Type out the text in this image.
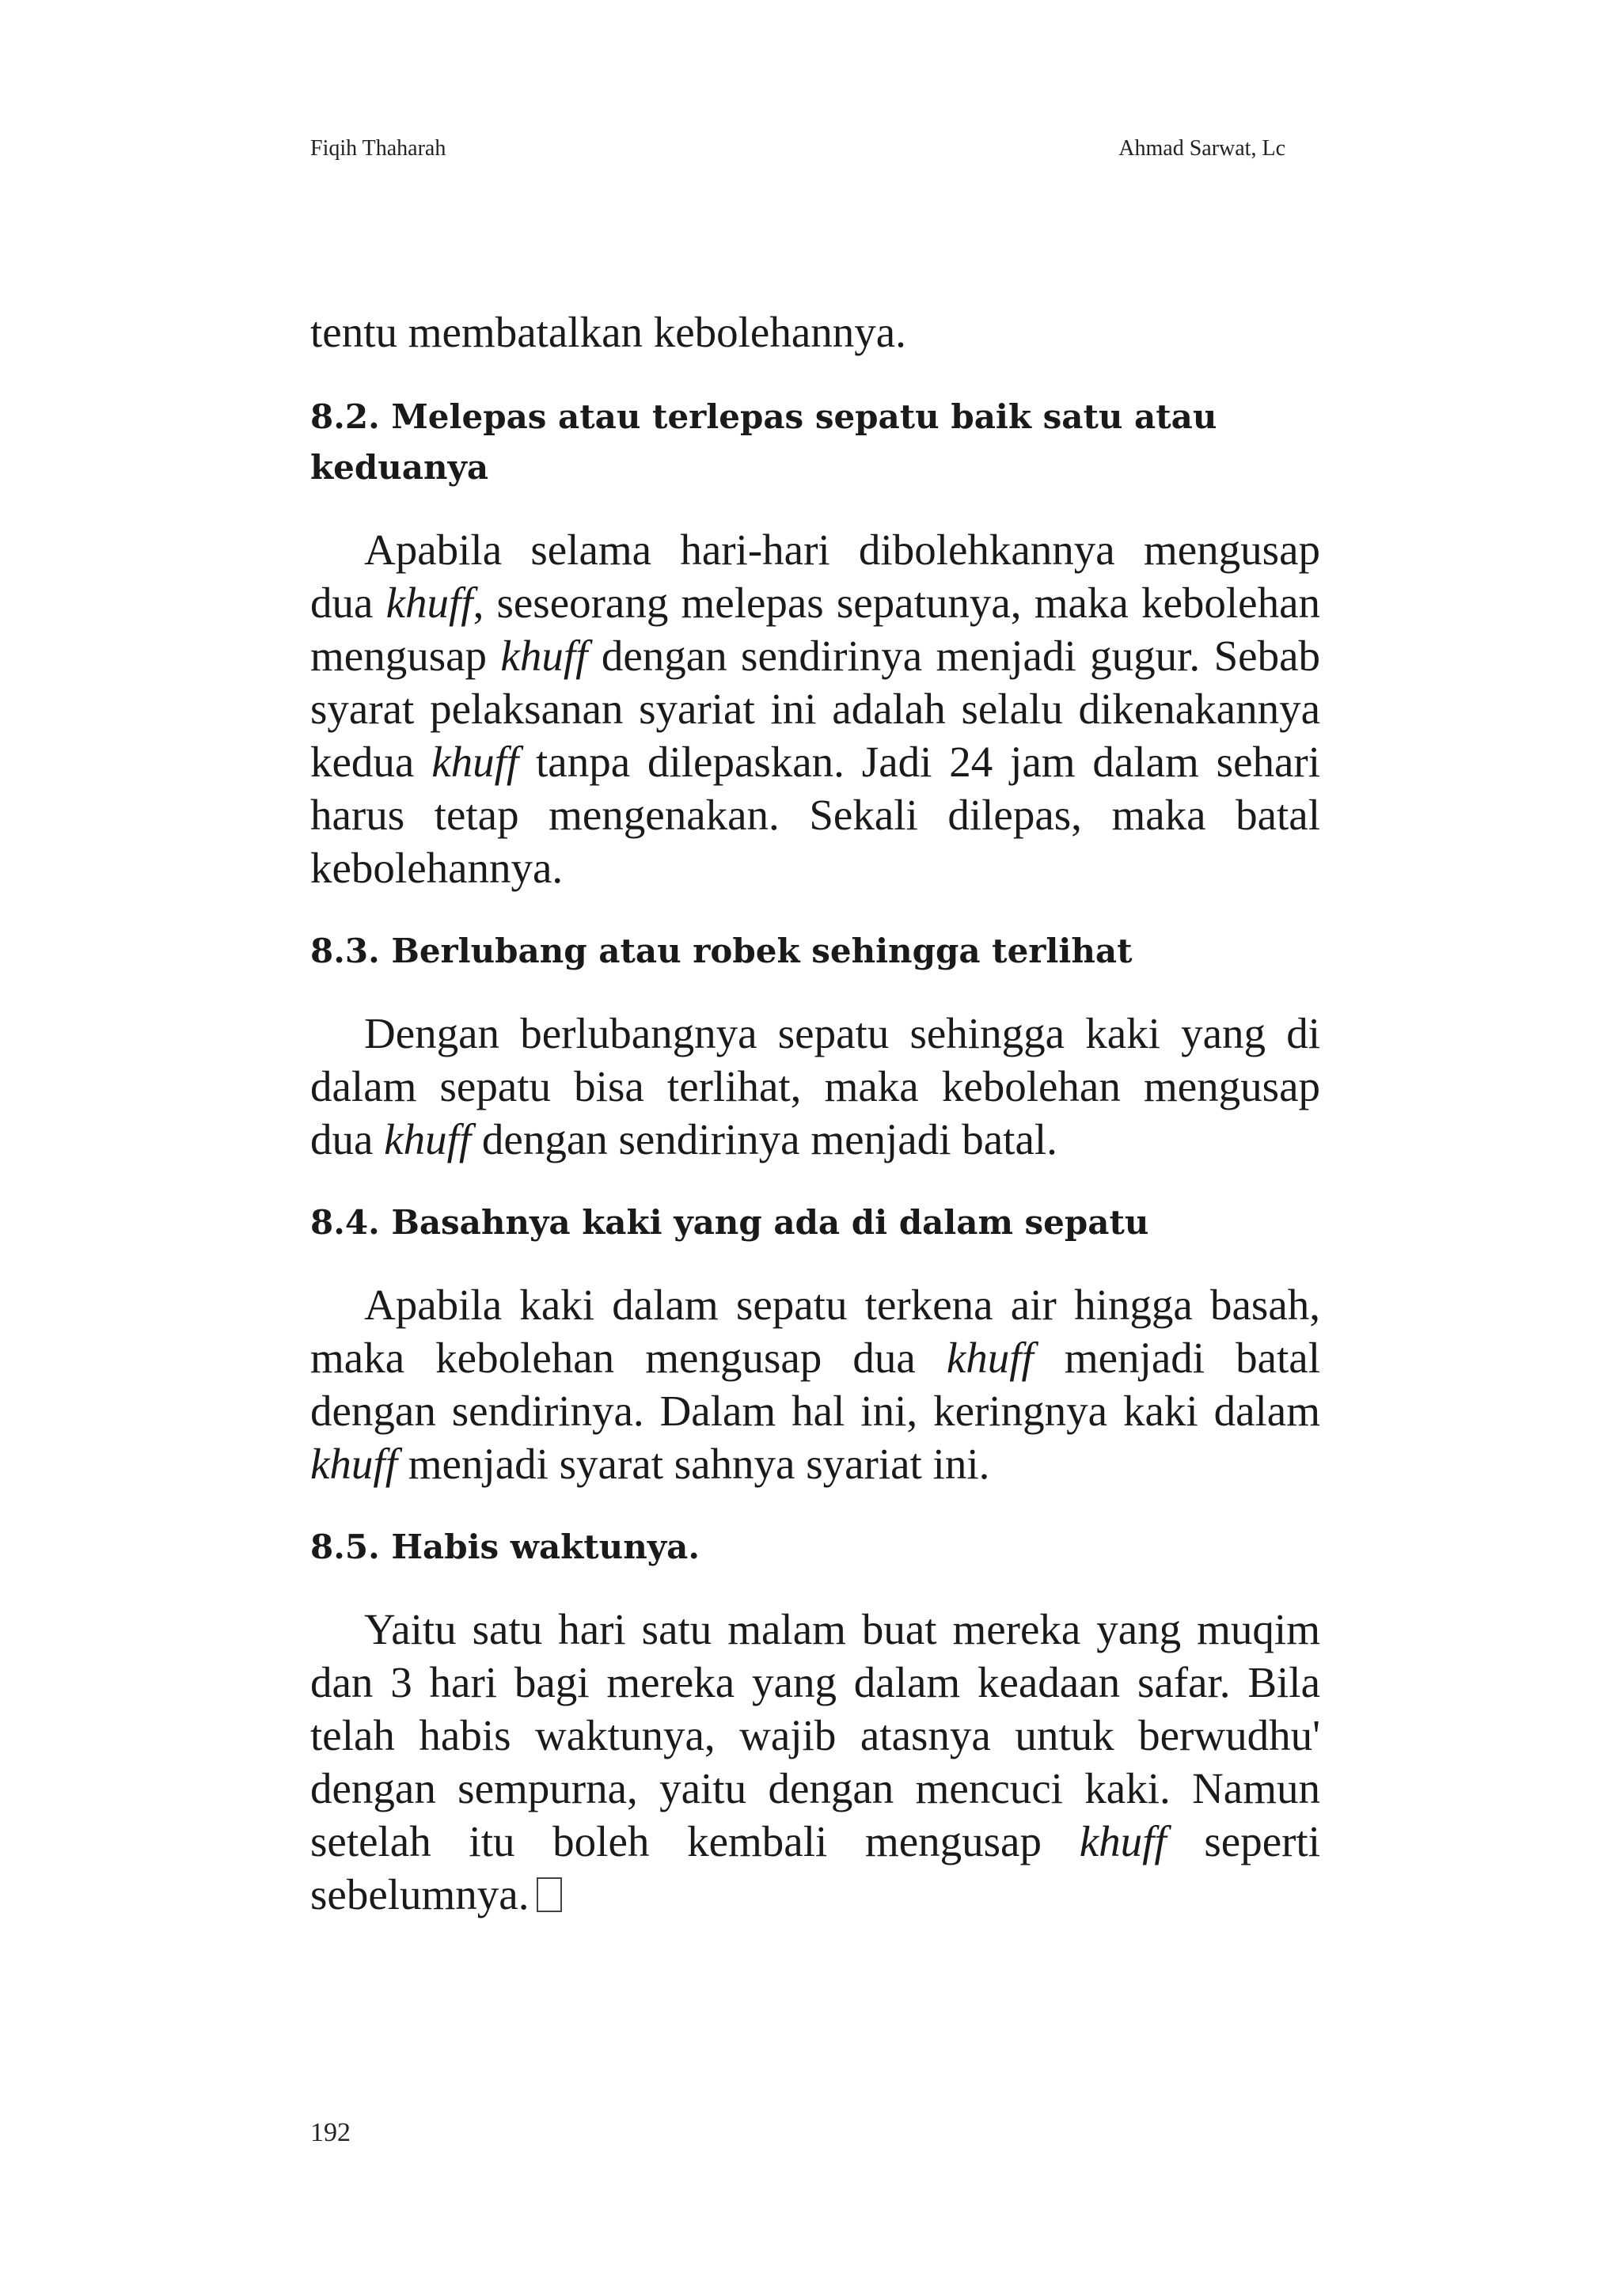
Fiqih Thaharah	Ahmad Sarwat, Lc

tentu membatalkan kebolehannya.

8.2. Melepas atau terlepas sepatu baik satu atau keduanya

Apabila selama hari-hari dibolehkannya mengusap dua khuff, seseorang melepas sepatunya, maka kebolehan mengusap khuff dengan sendirinya menjadi gugur. Sebab syarat pelaksanan syariat ini adalah selalu dikenakannya kedua khuff tanpa dilepaskan. Jadi 24 jam dalam sehari harus tetap mengenakan. Sekali dilepas, maka batal kebolehannya.

8.3. Berlubang atau robek sehingga terlihat

Dengan berlubangnya sepatu sehingga kaki yang di dalam sepatu bisa terlihat, maka kebolehan mengusap dua khuff dengan sendirinya menjadi batal.

8.4. Basahnya kaki yang ada di dalam sepatu

Apabila kaki dalam sepatu terkena air hingga basah, maka kebolehan mengusap dua khuff menjadi batal dengan sendirinya. Dalam hal ini, keringnya kaki dalam khuff menjadi syarat sahnya syariat ini.

8.5. Habis waktunya.

Yaitu satu hari satu malam buat mereka yang muqim dan 3 hari bagi mereka yang dalam keadaan safar. Bila telah habis waktunya, wajib atasnya untuk berwudhu' dengan sempurna, yaitu dengan mencuci kaki. Namun setelah itu boleh kembali mengusap khuff seperti sebelumnya.

192
